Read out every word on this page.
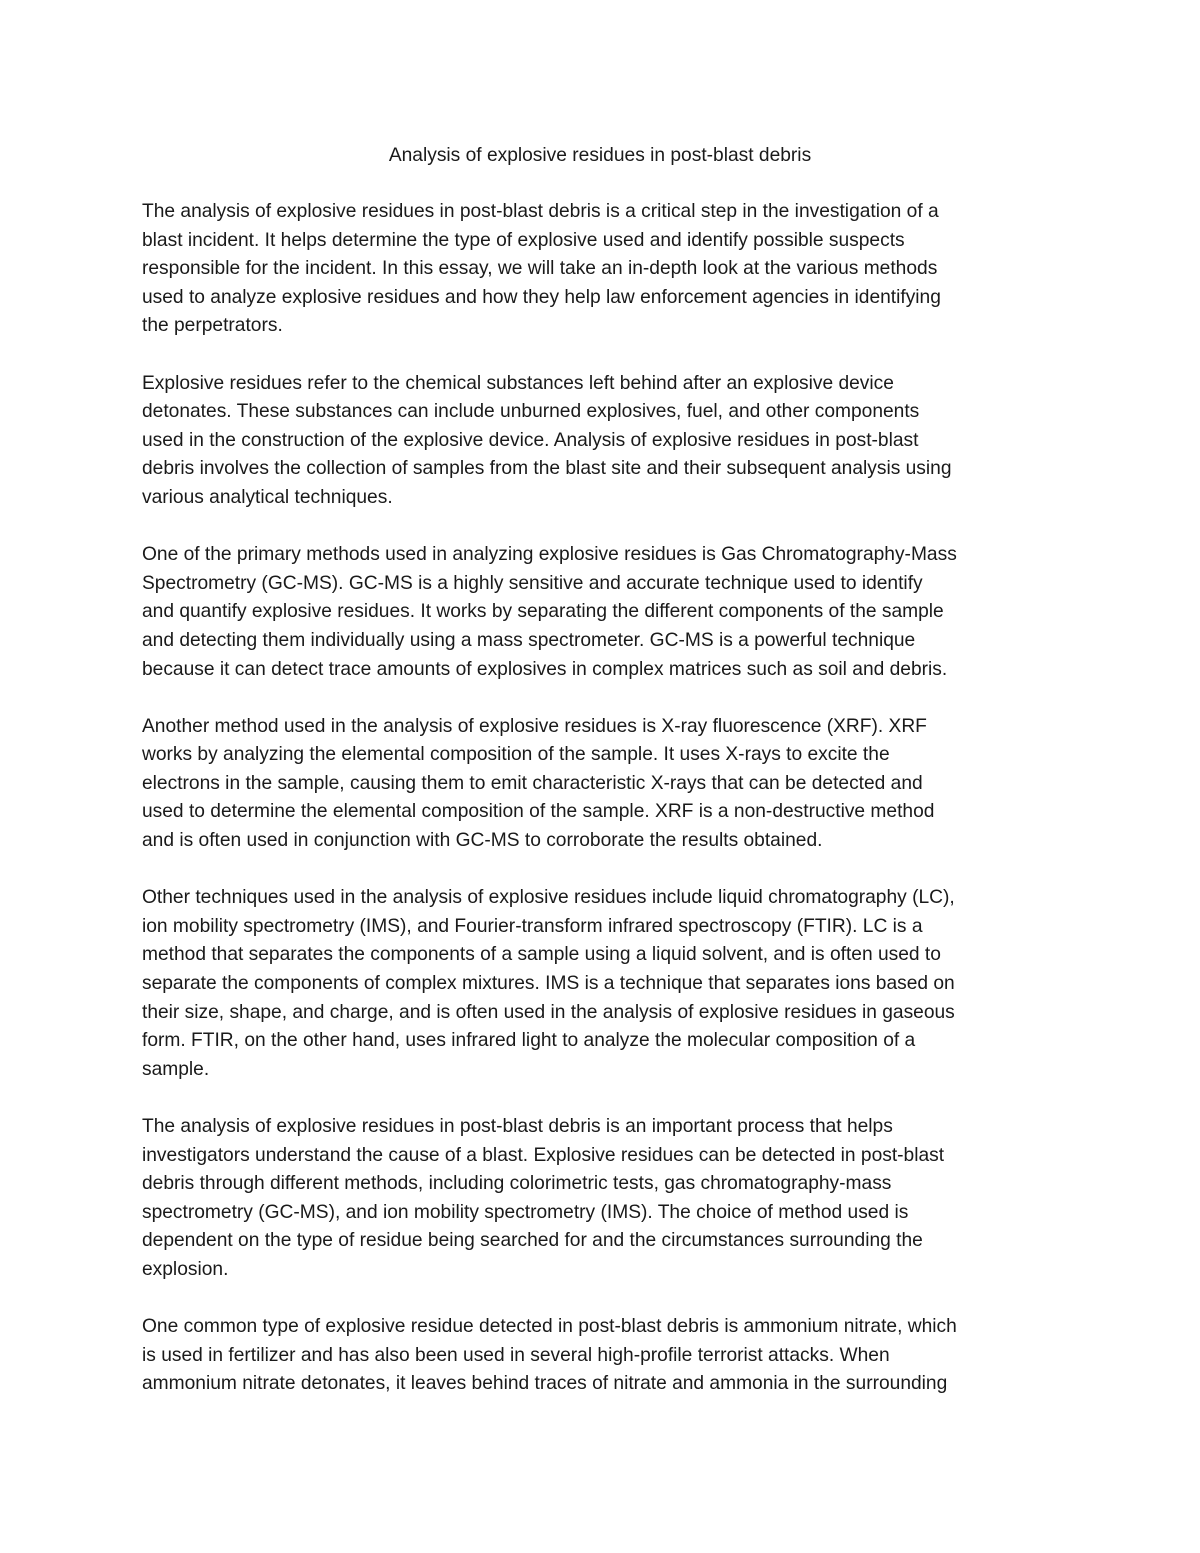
Analysis of explosive residues in post-blast debris
The analysis of explosive residues in post-blast debris is a critical step in the investigation of a
blast incident. It helps determine the type of explosive used and identify possible suspects
responsible for the incident. In this essay, we will take an in-depth look at the various methods
used to analyze explosive residues and how they help law enforcement agencies in identifying
the perpetrators.
Explosive residues refer to the chemical substances left behind after an explosive device
detonates. These substances can include unburned explosives, fuel, and other components
used in the construction of the explosive device. Analysis of explosive residues in post-blast
debris involves the collection of samples from the blast site and their subsequent analysis using
various analytical techniques.
One of the primary methods used in analyzing explosive residues is Gas Chromatography-Mass
Spectrometry (GC-MS). GC-MS is a highly sensitive and accurate technique used to identify
and quantify explosive residues. It works by separating the different components of the sample
and detecting them individually using a mass spectrometer. GC-MS is a powerful technique
because it can detect trace amounts of explosives in complex matrices such as soil and debris.
Another method used in the analysis of explosive residues is X-ray fluorescence (XRF). XRF
works by analyzing the elemental composition of the sample. It uses X-rays to excite the
electrons in the sample, causing them to emit characteristic X-rays that can be detected and
used to determine the elemental composition of the sample. XRF is a non-destructive method
and is often used in conjunction with GC-MS to corroborate the results obtained.
Other techniques used in the analysis of explosive residues include liquid chromatography (LC),
ion mobility spectrometry (IMS), and Fourier-transform infrared spectroscopy (FTIR). LC is a
method that separates the components of a sample using a liquid solvent, and is often used to
separate the components of complex mixtures. IMS is a technique that separates ions based on
their size, shape, and charge, and is often used in the analysis of explosive residues in gaseous
form. FTIR, on the other hand, uses infrared light to analyze the molecular composition of a
sample.
The analysis of explosive residues in post-blast debris is an important process that helps
investigators understand the cause of a blast. Explosive residues can be detected in post-blast
debris through different methods, including colorimetric tests, gas chromatography-mass
spectrometry (GC-MS), and ion mobility spectrometry (IMS). The choice of method used is
dependent on the type of residue being searched for and the circumstances surrounding the
explosion.
One common type of explosive residue detected in post-blast debris is ammonium nitrate, which
is used in fertilizer and has also been used in several high-profile terrorist attacks. When
ammonium nitrate detonates, it leaves behind traces of nitrate and ammonia in the surrounding
